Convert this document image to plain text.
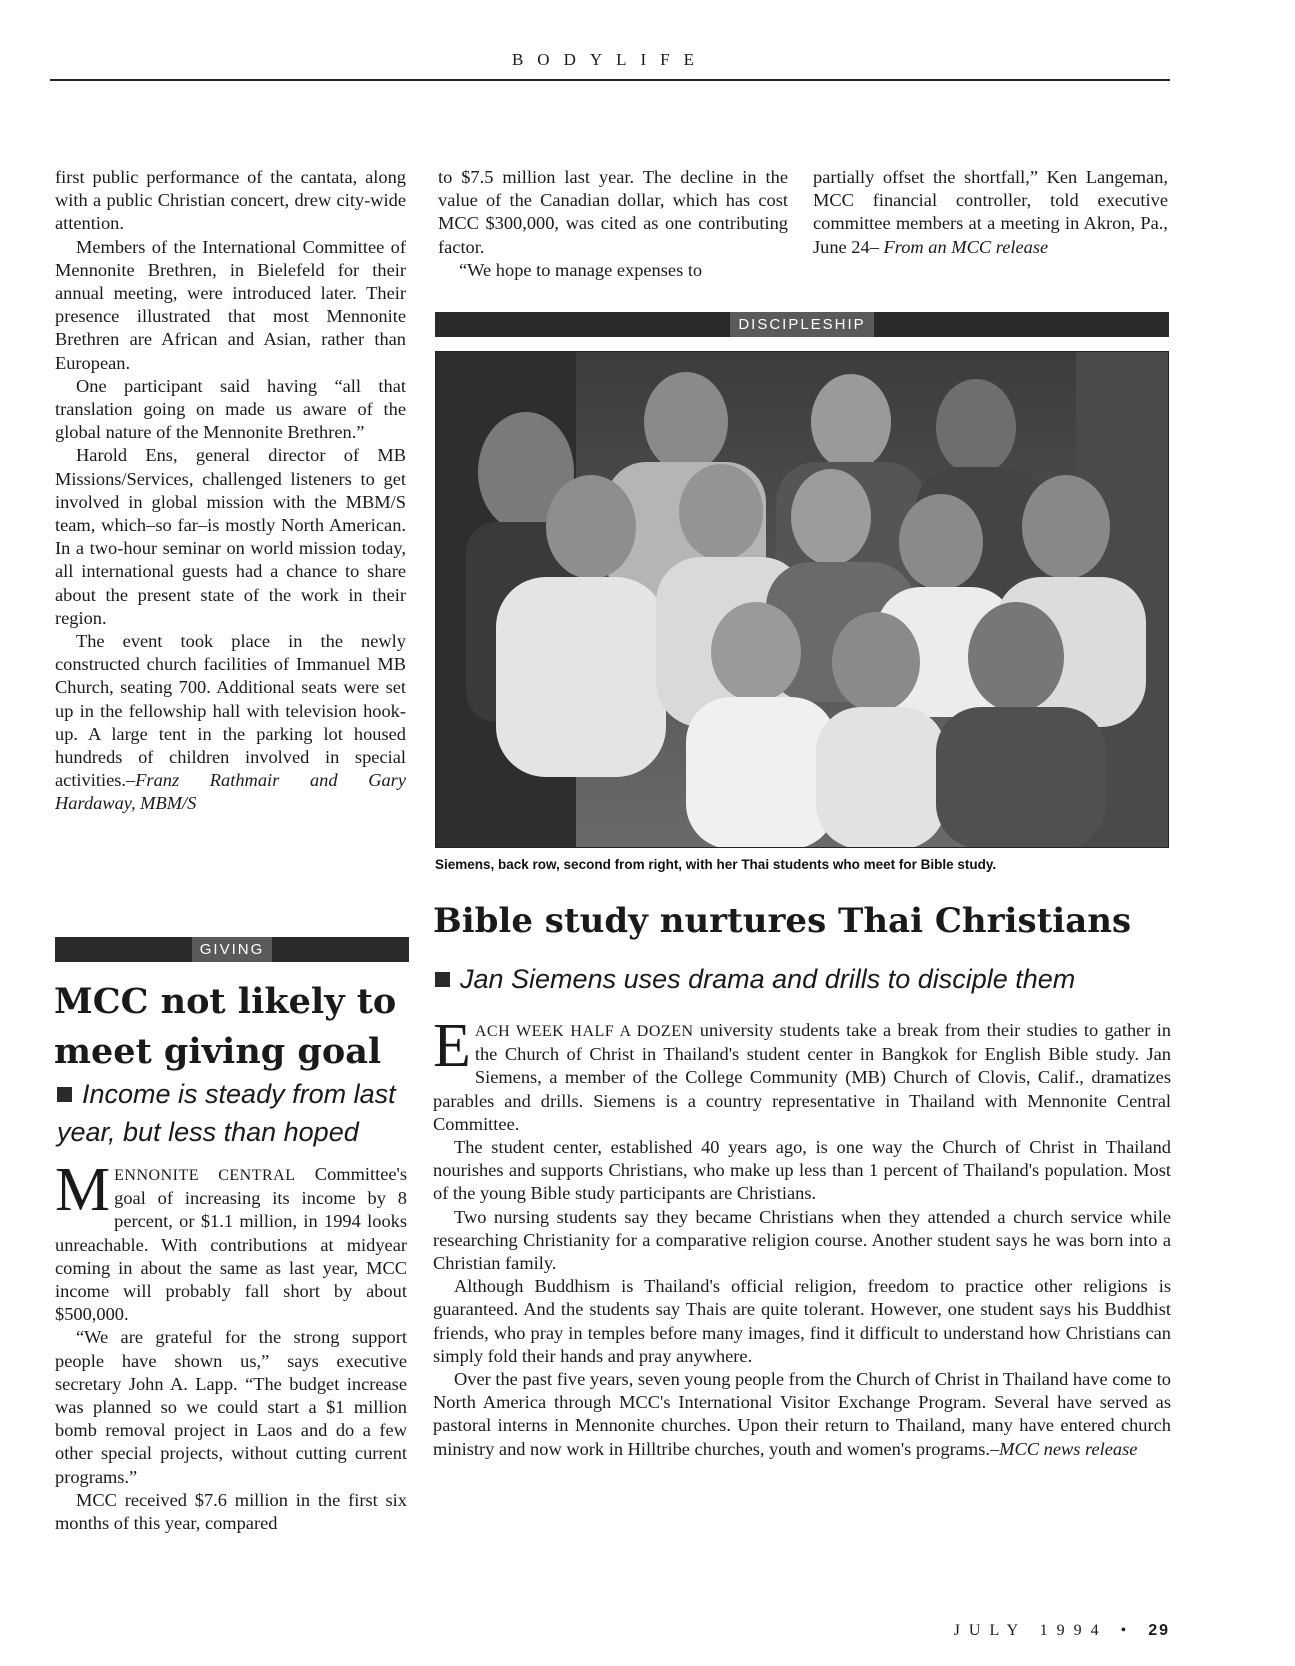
BODYLIFE

first public performance of the cantata, along with a public Christian concert, drew city-wide attention.

Members of the International Committee of Mennonite Brethren, in Bielefeld for their annual meeting, were introduced later. Their presence illustrated that most Mennonite Brethren are African and Asian, rather than European.

One participant said having “all that translation going on made us aware of the global nature of the Mennonite Brethren.”

Harold Ens, general director of MB Missions/Services, challenged listeners to get involved in global mission with the MBM/S team, which–so far–is mostly North American. In a two-hour seminar on world mission today, all international guests had a chance to share about the present state of the work in their region.

The event took place in the newly constructed church facilities of Immanuel MB Church, seating 700. Additional seats were set up in the fellowship hall with television hook-up. A large tent in the parking lot housed hundreds of children involved in special activities.–Franz Rathmair and Gary Hardaway, MBM/S

to $7.5 million last year. The decline in the value of the Canadian dollar, which has cost MCC $300,000, was cited as one contributing factor.

“We hope to manage expenses to

partially offset the shortfall,” Ken Langeman, MCC financial controller, told executive committee members at a meeting in Akron, Pa., June 24– From an MCC release

DISCIPLESHIP
Siemens, back row, second from right, with her Thai students who meet for Bible study.
Bible study nurtures Thai Christians
Jan Siemens uses drama and drills to disciple them

EACH WEEK HALF A DOZEN university students take a break from their studies to gather in the Church of Christ in Thailand's student center in Bangkok for English Bible study. Jan Siemens, a member of the College Community (MB) Church of Clovis, Calif., dramatizes parables and drills. Siemens is a country representative in Thailand with Mennonite Central Committee.

The student center, established 40 years ago, is one way the Church of Christ in Thailand nourishes and supports Christians, who make up less than 1 percent of Thailand's population. Most of the young Bible study participants are Christians.

Two nursing students say they became Christians when they attended a church service while researching Christianity for a comparative religion course. Another student says he was born into a Christian family.

Although Buddhism is Thailand's official religion, freedom to practice other religions is guaranteed. And the students say Thais are quite tolerant. However, one student says his Buddhist friends, who pray in temples before many images, find it difficult to understand how Christians can simply fold their hands and pray anywhere.

Over the past five years, seven young people from the Church of Christ in Thailand have come to North America through MCC's International Visitor Exchange Program. Several have served as pastoral interns in Mennonite churches. Upon their return to Thailand, many have entered church ministry and now work in Hilltribe churches, youth and women's programs.–MCC news release

GIVING
MCC not likely to meet giving goal
Income is steady from last year, but less than hoped

MENNONITE CENTRAL Committee's goal of increasing its income by 8 percent, or $1.1 million, in 1994 looks unreachable. With contributions at midyear coming in about the same as last year, MCC income will probably fall short by about $500,000.

“We are grateful for the strong support people have shown us,” says executive secretary John A. Lapp. “The budget increase was planned so we could start a $1 million bomb removal project in Laos and do a few other special projects, without cutting current programs.”

MCC received $7.6 million in the first six months of this year, compared

JULY 1994 • 29
